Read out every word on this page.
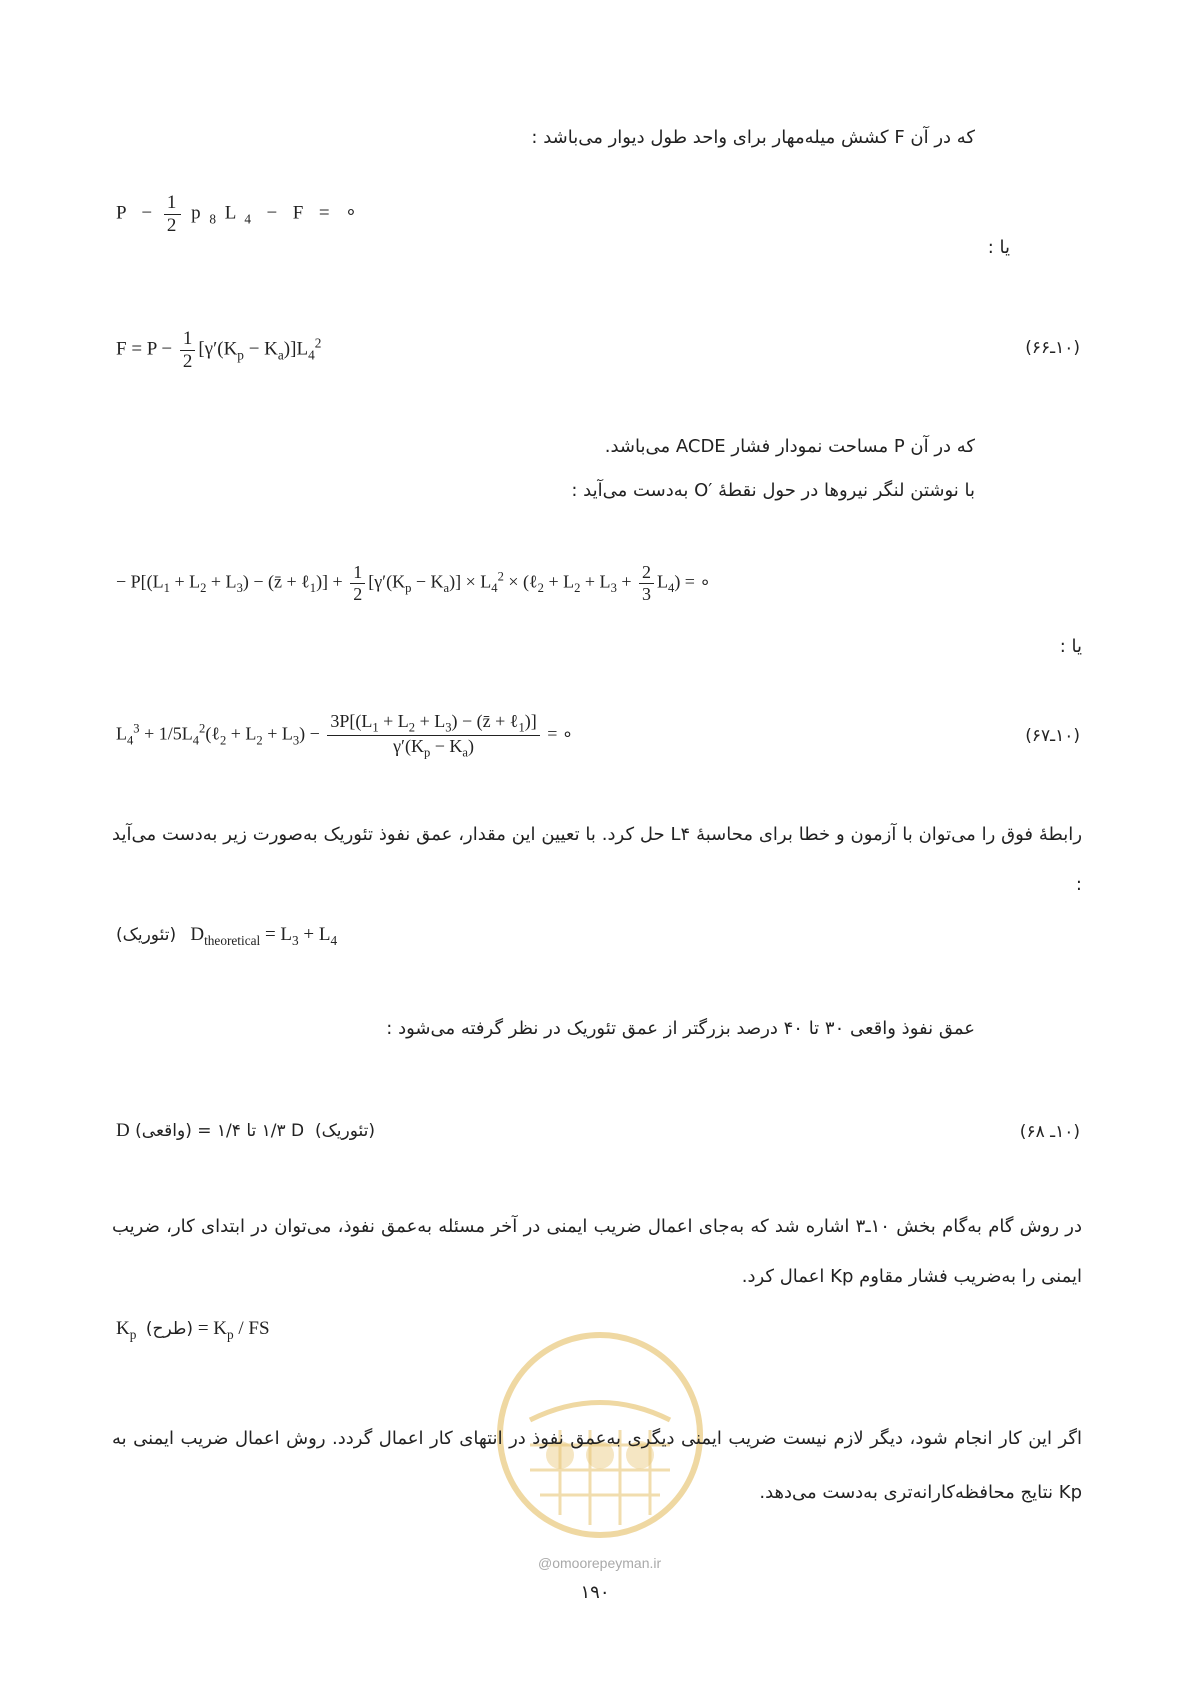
که در آن F کشش میله‌مهار برای واحد طول دیوار می‌باشد :
$P - \frac{1}{2}$ p $_8$ L $_4$  −  F  =  ∘
یا :
$F = P - \frac{1}{2} [\gamma'(K_p - K_a)]L_4^2$	(۱۰ـ۶۶)
که در آن P مساحت نمودار فشار ACDE می‌باشد.
با نوشتن لنگر نیروها در حول نقطهٔ ′O به‌دست می‌آید :
− $P[(L_1 + L_2 + L_3)$ − (z̄ + ℓ$_1$)] + $\frac{1}{2} [\gamma'(K_p - K_a)] \times L_4^2$ × (ℓ$_2$ + $L_2 + L_3 + \frac{2}{3} L_4$) = ∘
یا :
$L_4^3$ + $1/5L_4^2(\ell_2 + L_2 + L_3) - \frac{3P[(L_1 + L_2 + L_3) - (z̄ + \ell_1)]}{\gamma'(K_p - K_a)}$ = ∘	(۱۰ـ۶۷)
رابطهٔ فوق را می‌توان با آزمون و خطا برای محاسبهٔ L۴ حل کرد. با تعیین این مقدار، عمق نفوذ تئوریک به‌صورت زیر به‌دست می‌آید :
(تئوریک)   $D_{theoretical} = L_3 + L_4$
عمق نفوذ واقعی ۳۰ تا ۴۰ درصد بزرگتر از عمق تئوریک در نظر گرفته می‌شود :
D (واقعی) = ۱/۳ تا ۱/۴ D (تئوریک)	(۱۰ـ ۶۸)
در روش گام به‌گام بخش ۱۰ـ۳ اشاره شد که به‌جای اعمال ضریب ایمنی در آخر مسئله به‌عمق نفوذ، می‌توان در ابتدای کار، ضریب ایمنی را به‌ضریب فشار مقاوم Kp اعمال کرد.
$K_p$ (طرح) = $K_p$ / FS
اگر این کار انجام شود، دیگر لازم نیست ضریب ایمنی دیگری به‌عمق نفوذ در انتهای کار اعمال گردد. روش اعمال ضریب ایمنی به Kp نتایج محافظه‌کارانه‌تری به‌دست می‌دهد.
@omoorepeyman.ir
۱۹۰
